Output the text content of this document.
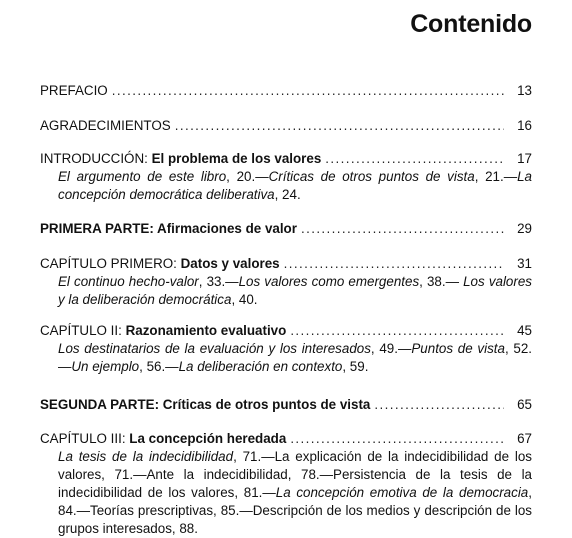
Contenido
PREFACIO .....	13
AGRADECIMIENTOS .....	16
INTRODUCCIÓN: El problema de los valores .....	17
El argumento de este libro, 20.—Críticas de otros puntos de vista, 21.—La concepción democrática deliberativa, 24.
PRIMERA PARTE: Afirmaciones de valor .....	29
CAPÍTULO PRIMERO: Datos y valores .....	31
El continuo hecho-valor, 33.—Los valores como emergentes, 38.— Los valores y la deliberación democrática, 40.
CAPÍTULO II: Razonamiento evaluativo .....	45
Los destinatarios de la evaluación y los interesados, 49.—Puntos de vista, 52.—Un ejemplo, 56.—La deliberación en contexto, 59.
SEGUNDA PARTE: Críticas de otros puntos de vista .....	65
CAPÍTULO III: La concepción heredada .....	67
La tesis de la indecidibilidad, 71.—La explicación de la indecidibilidad de los valores, 71.—Ante la indecidibilidad, 78.—Persistencia de la tesis de la indecidibilidad de los valores, 81.—La concepción emotiva de la democracia, 84.—Teorías prescriptivas, 85.—Descripción de los medios y descripción de los grupos interesados, 88.
